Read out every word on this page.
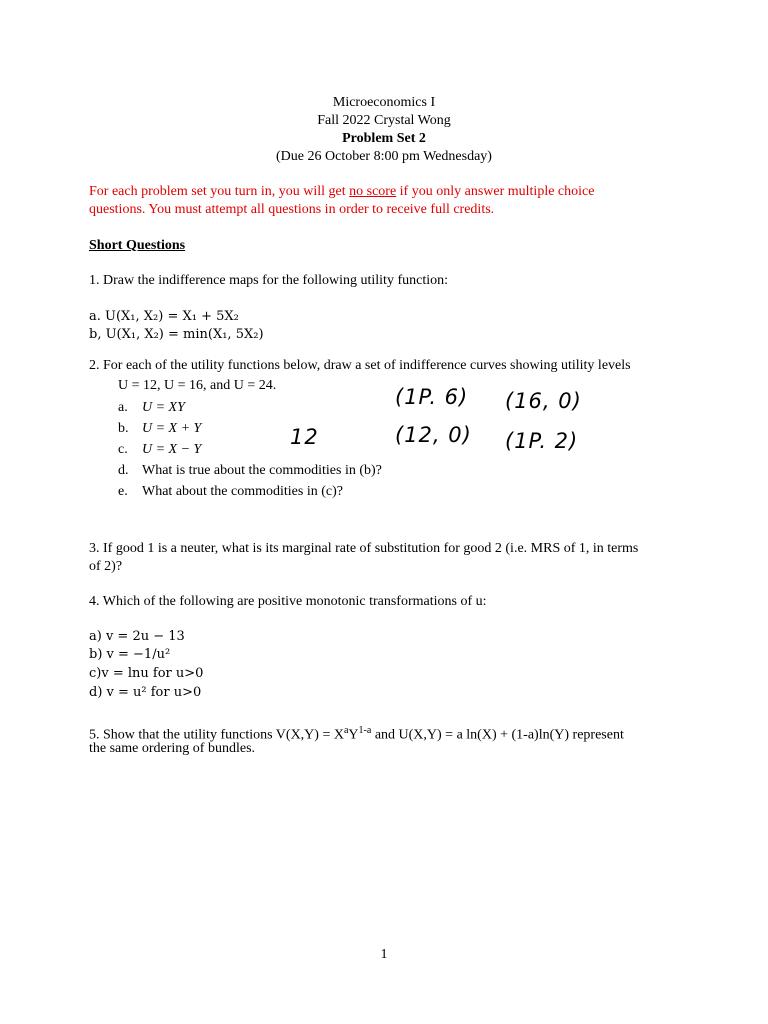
Microeconomics I
Fall 2022 Crystal Wong
Problem Set 2
(Due 26 October 8:00 pm Wednesday)
For each problem set you turn in, you will get no score if you only answer multiple choice
questions. You must attempt all questions in order to receive full credits.
Short Questions
1. Draw the indifference maps for the following utility function:
a. U(X₁, X₂) = X₁ + 5X₂
b, U(X₁, X₂) = min(X₁, 5X₂)
2. For each of the utility functions below, draw a set of indifference curves showing utility levels
U = 12, U = 16, and U = 24.
a. U = XY
b. U = X + Y
c. U = X − Y
d. What is true about the commodities in (b)?
e. What about the commodities in (c)?
(1P. 6) (16, 0)
12	(12, 0) (1P. 2)
3. If good 1 is a neuter, what is its marginal rate of substitution for good 2 (i.e. MRS of 1, in terms
of 2)?
4. Which of the following are positive monotonic transformations of u:
a) v = 2u − 13
b) v = −1/u²
c)v = lnu for u>0
d) v = u² for u>0
5. Show that the utility functions $V(X,Y) = X^aY^{1-a}$ and U(X,Y) = a ln(X) + (1-a)ln(Y) represent
the same ordering of bundles.
1
